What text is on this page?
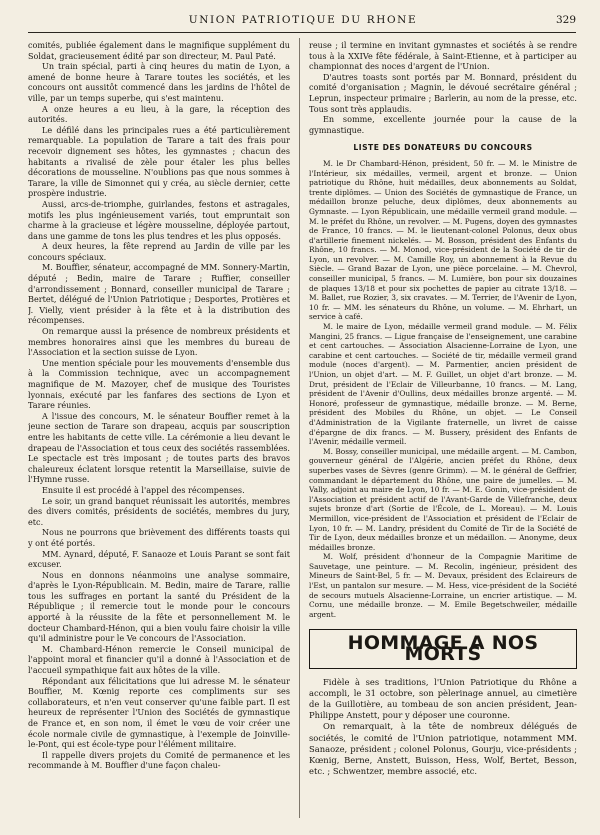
UNION PATRIOTIQUE DU RHONE	329

comités, publiée également dans le magnifique supplément du Soldat, gracieusement édité par son directeur, M. Paul Paté.

Un train spécial, parti à cinq heures du matin de Lyon, a amené de bonne heure à Tarare toutes les sociétés, et les concours ont aussitôt commencé dans les jardins de l'hôtel de ville, par un temps superbe, qui s'est maintenu.

A onze heures a eu lieu, à la gare, la réception des autorités.

Le défilé dans les principales rues a été particulièrement remarquable. La population de Tarare a tait des frais pour recevoir dignement ses hôtes, les gymnastes ; chacun des habitants a rivalisé de zèle pour étaler les plus belles décorations de mousseline. N'oublions pas que nous sommes à Tarare, la ville de Simonnet qui y créa, au siècle dernier, cette prospère industrie.

Aussi, arcs-de-triomphe, guirlandes, festons et astragales, motifs les plus ingénieusement variés, tout empruntait son charme à la gracieuse et légère mousseline, déployée partout, dans une gamme de tons les plus tendres et les plus opposés.

A deux heures, la fête reprend au Jardin de ville par les concours spéciaux.

M. Bouffier, sénateur, accompagné de MM. Sonnery-Martin, député ; Bedin, maire de Tarare ; Ruffier, conseiller d'arrondissement ; Bonnard, conseiller municipal de Tarare ; Bertet, délégué de l'Union Patriotique ; Desportes, Protières et J. Vielly, vient présider à la fête et à la distribution des récompenses.

On remarque aussi la présence de nombreux présidents et membres honoraires ainsi que les membres du bureau de l'Association et la section suisse de Lyon.

Une mention spéciale pour les mouvements d'ensemble dus à la Commission technique, avec un accompagnement magnifique de M. Mazoyer, chef de musique des Touristes lyonnais, exécuté par les fanfares des sections de Lyon et Tarare réunies.

A l'issue des concours, M. le sénateur Bouffier remet à la jeune section de Tarare son drapeau, acquis par souscription entre les habitants de cette ville. La cérémonie a lieu devant le drapeau de l'Association et tous ceux des sociétés rassemblées. Le spectacle est très imposant ; de toutes parts des bravos chaleureux éclatent lorsque retentit la Marseillaise, suivie de l'Hymne russe.

Ensuite il est procédé à l'appel des récompenses.

Le soir, un grand banquet réunissait les autorités, membres des divers comités, présidents de sociétés, membres du jury, etc.

Nous ne pourrons que brièvement des différents toasts qui y ont été portés.

MM. Aynard, député, F. Sanaoze et Louis Parant se sont fait excuser.

Nous en donnons néanmoins une analyse sommaire, d'après le Lyon-Républicain. M. Bedin, maire de Tarare, rallie tous les suffrages en portant la santé du Président de la République ; il remercie tout le monde pour le concours apporté à la réussite de la fête et personnellement M. le docteur Chambard-Hénon, qui a bien voulu faire choisir la ville qu'il administre pour le Ve concours de l'Association.

M. Chambard-Hénon remercie le Conseil municipal de l'appoint moral et financier qu'il a donné à l'Association et de l'accueil sympathique fait aux hôtes de la ville.

Répondant aux félicitations que lui adresse M. le sénateur Bouffier, M. Kœnig reporte ces compliments sur ses collaborateurs, et n'en veut conserver qu'une faible part. Il est heureux de représenter l'Union des Sociétés de gymnastique de France et, en son nom, il émet le vœu de voir créer une école normale civile de gymnastique, à l'exemple de Joinville-le-Pont, qui est école-type pour l'élément militaire.

Il rappelle divers projets du Comité de permanence et les recommande à M. Bouffier d'une façon chaleu-

reuse ; il termine en invitant gymnastes et sociétés à se rendre tous à la XXIVe fête fédérale, à Saint-Etienne, et à participer au championnat des noces d'argent de l'Union.

D'autres toasts sont portés par M. Bonnard, président du comité d'organisation ; Magnin, le dévoué secrétaire général ; Leprun, inspecteur primaire ; Barlerin, au nom de la presse, etc. Tous sont très applaudis.

En somme, excellente journée pour la cause de la gymnastique.

LISTE DES DONATEURS DU CONCOURS

M. le Dr Chambard-Hénon, président, 50 fr. — M. le Ministre de l'Intérieur, six médailles, vermeil, argent et bronze. — Union patriotique du Rhône, huit médailles, deux abonnements au Soldat, trente diplômes. — Union des Sociétés de gymnastique de France, un médaillon bronze peluche, deux diplômes, deux abonnements au Gymnaste. — Lyon Républicain, une médaille vermeil grand module. — M. le préfet du Rhône, un revolver. — M. Pugens, doyen des gymnastes de France, 10 francs. — M. le lieutenant-colonel Polonus, deux obus d'artillerie finement nickelés. — M. Bosson, président des Enfants du Rhône, 10 francs. — M. Monod, vice-président de la Société de tir de Lyon, un revolver. — M. Camille Roy, un abonnement à la Revue du Siècle. — Grand Bazar de Lyon, une pièce porcelaine. — M. Chevrol, conseiller municipal, 5 francs. — M. Lumière, bon pour six douzaines de plaques 13/18 et pour six pochettes de papier au citrate 13/18. — M. Ballet, rue Rozier, 3, six cravates. — M. Terrier, de l'Avenir de Lyon, 10 fr. — MM. les sénateurs du Rhône, un volume. — M. Ehrhart, un service à café.

M. le maire de Lyon, médaille vermeil grand module. — M. Félix Mangini, 25 francs. — Ligue française de l'enseignement, une carabine et cent cartouches. — Association Alsacienne-Lorraine de Lyon, une carabine et cent cartouches. — Société de tir, médaille vermeil grand module (noces d'argent). — M. Parmentier, ancien président de l'Union, un objet d'art. — M. F. Guillet, un objet d'art bronze. — M. Drut, président de l'Eclair de Villeurbanne, 10 francs. — M. Lang, président de l'Avenir d'Oullins, deux médailles bronze argenté. — M. Honoré, professeur de gymnastique, médaille bronze. — M. Berne, président des Mobiles du Rhône, un objet. — Le Conseil d'Administration de la Vigilante fraternelle, un livret de caisse d'épargne de dix francs. — M. Bussery, président des Enfants de l'Avenir, médaille vermeil.

M. Bossy, conseiller municipal, une médaille argent. — M. Cambon, gouverneur général de l'Algérie, ancien préfet du Rhône, deux superbes vases de Sèvres (genre Grimm). — M. le général de Geffrier, commandant le département du Rhône, une paire de jumelles. — M. Vally, adjoint au maire de Lyon, 10 fr. — M. E. Gonin, vice-président de l'Association et président actif de l'Avant-Garde de Villefranche, deux sujets bronze d'art (Sortie de l'École, de L. Moreau). — M. Louis Mermillon, vice-président de l'Association et président de l'Eclair de Lyon, 10 fr. — M. Landry, président du Comité de Tir de la Société de Tir de Lyon, deux médailles bronze et un médaillon. — Anonyme, deux médailles bronze.

M. Wolf, président d'honneur de la Compagnie Maritime de Sauvetage, une peinture. — M. Recolin, ingénieur, président des Mineurs de Saint-Bel, 5 fr. — M. Devaux, président des Eclaireurs de l'Est, un pantalon sur mesure. — M. Hess, vice-président de la Société de secours mutuels Alsacienne-Lorraine, un encrier artistique. — M. Cornu, une médaille bronze. — M. Emile Begetschweiler, médaille argent.

HOMMAGE A NOS MORTS

Fidèle à ses traditions, l'Union Patriotique du Rhône a accompli, le 31 octobre, son pèlerinage annuel, au cimetière de la Guillotière, au tombeau de son ancien président, Jean-Philippe Anstett, pour y déposer une couronne.

On remarquait, à la tête de nombreux délégués de sociétés, le comité de l'Union patriotique, notamment MM. Sanaoze, président ; colonel Polonus, Gourju, vice-présidents ; Kœnig, Berne, Anstett, Buisson, Hess, Wolf, Bertet, Besson, etc. ; Schwentzer, membre associé, etc.
